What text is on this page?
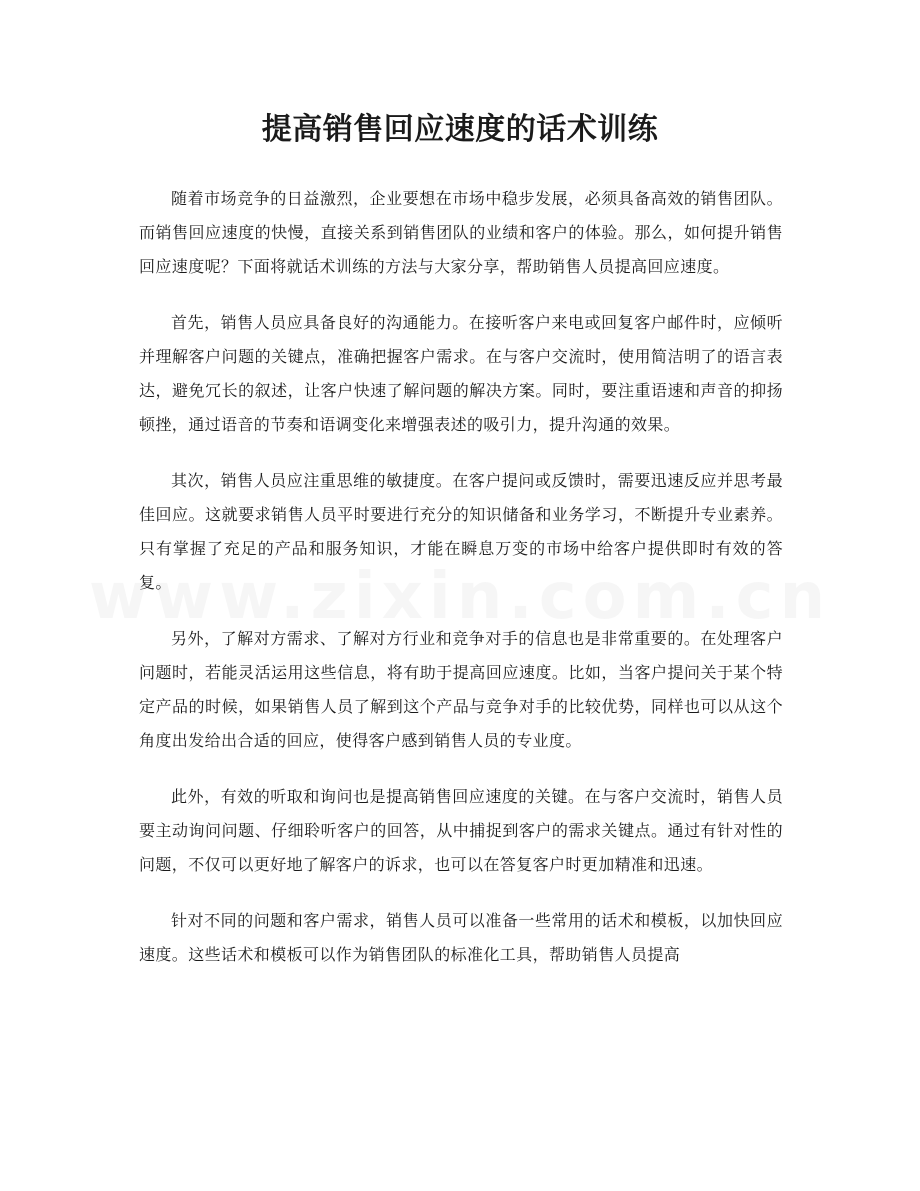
提高销售回应速度的话术训练

随着市场竞争的日益激烈，企业要想在市场中稳步发展，必须具备高效的销售团队。而销售回应速度的快慢，直接关系到销售团队的业绩和客户的体验。那么，如何提升销售回应速度呢？下面将就话术训练的方法与大家分享，帮助销售人员提高回应速度。

首先，销售人员应具备良好的沟通能力。在接听客户来电或回复客户邮件时，应倾听并理解客户问题的关键点，准确把握客户需求。在与客户交流时，使用简洁明了的语言表达，避免冗长的叙述，让客户快速了解问题的解决方案。同时，要注重语速和声音的抑扬顿挫，通过语音的节奏和语调变化来增强表述的吸引力，提升沟通的效果。

其次，销售人员应注重思维的敏捷度。在客户提问或反馈时，需要迅速反应并思考最佳回应。这就要求销售人员平时要进行充分的知识储备和业务学习，不断提升专业素养。只有掌握了充足的产品和服务知识，才能在瞬息万变的市场中给客户提供即时有效的答复。

另外，了解对方需求、了解对方行业和竞争对手的信息也是非常重要的。在处理客户问题时，若能灵活运用这些信息，将有助于提高回应速度。比如，当客户提问关于某个特定产品的时候，如果销售人员了解到这个产品与竞争对手的比较优势，同样也可以从这个角度出发给出合适的回应，使得客户感到销售人员的专业度。

此外，有效的听取和询问也是提高销售回应速度的关键。在与客户交流时，销售人员要主动询问问题、仔细聆听客户的回答，从中捕捉到客户的需求关键点。通过有针对性的问题，不仅可以更好地了解客户的诉求，也可以在答复客户时更加精准和迅速。

针对不同的问题和客户需求，销售人员可以准备一些常用的话术和模板，以加快回应速度。这些话术和模板可以作为销售团队的标准化工具，帮助销售人员提高
